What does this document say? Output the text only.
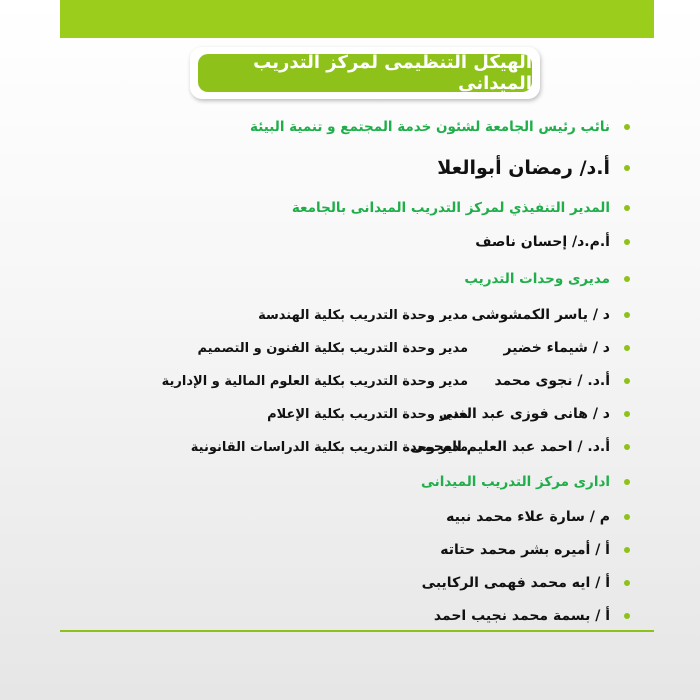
الهيكل التنظيمى لمركز التدريب الميدانى
نائب رئيس الجامعة لشئون خدمة المجتمع و تنمية البيئة
أ.د/ رمضان أبوالعلا
المدير التنفيذي لمركز التدريب الميدانى بالجامعة
أ.م.د/ إحسان ناصف
مديرى وحدات التدريب
د / ياسر الكمشوشى
مدير وحدة التدريب بكلية الهندسة
د / شيماء خضير
مدير وحدة التدريب بكلية الفنون و التصميم
أ.د. / نجوى محمد
مدير وحدة التدريب بكلية العلوم المالية و الإدارية
د / هانى فوزى عبد الغنى
مدير وحدة التدريب بكلية الإعلام
أ.د. / احمد عبد العليم العجمى
مدير وحدة التدريب بكلية الدراسات القانونية
ادارى مركز التدريب الميدانى
م / سارة علاء محمد نبيه
أ / أميره بشر محمد حتاته
أ / ايه محمد فهمى الركايبى
أ / بسمة محمد نجيب احمد
